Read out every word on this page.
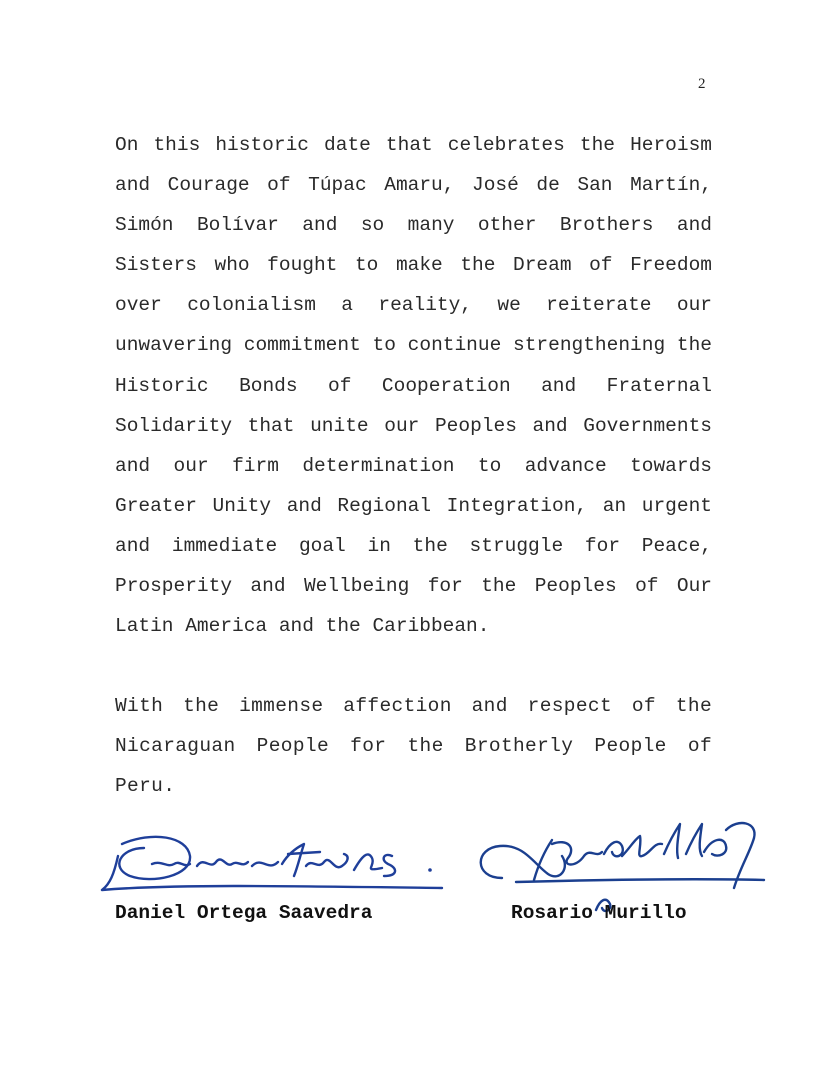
2

On this historic date that celebrates the Heroism and Courage of Túpac Amaru, José de San Martín, Simón Bolívar and so many other Brothers and Sisters who fought to make the Dream of Freedom over colonialism a reality, we reiterate our unwavering commitment to continue strengthening the Historic Bonds of Cooperation and Fraternal Solidarity that unite our Peoples and Governments and our firm determination to advance towards Greater Unity and Regional Integration, an urgent and immediate goal in the struggle for Peace, Prosperity and Wellbeing for the Peoples of Our Latin America and the Caribbean.

With the immense affection and respect of the Nicaraguan People for the Brotherly People of Peru.

Daniel Ortega Saavedra	Rosario Murillo
